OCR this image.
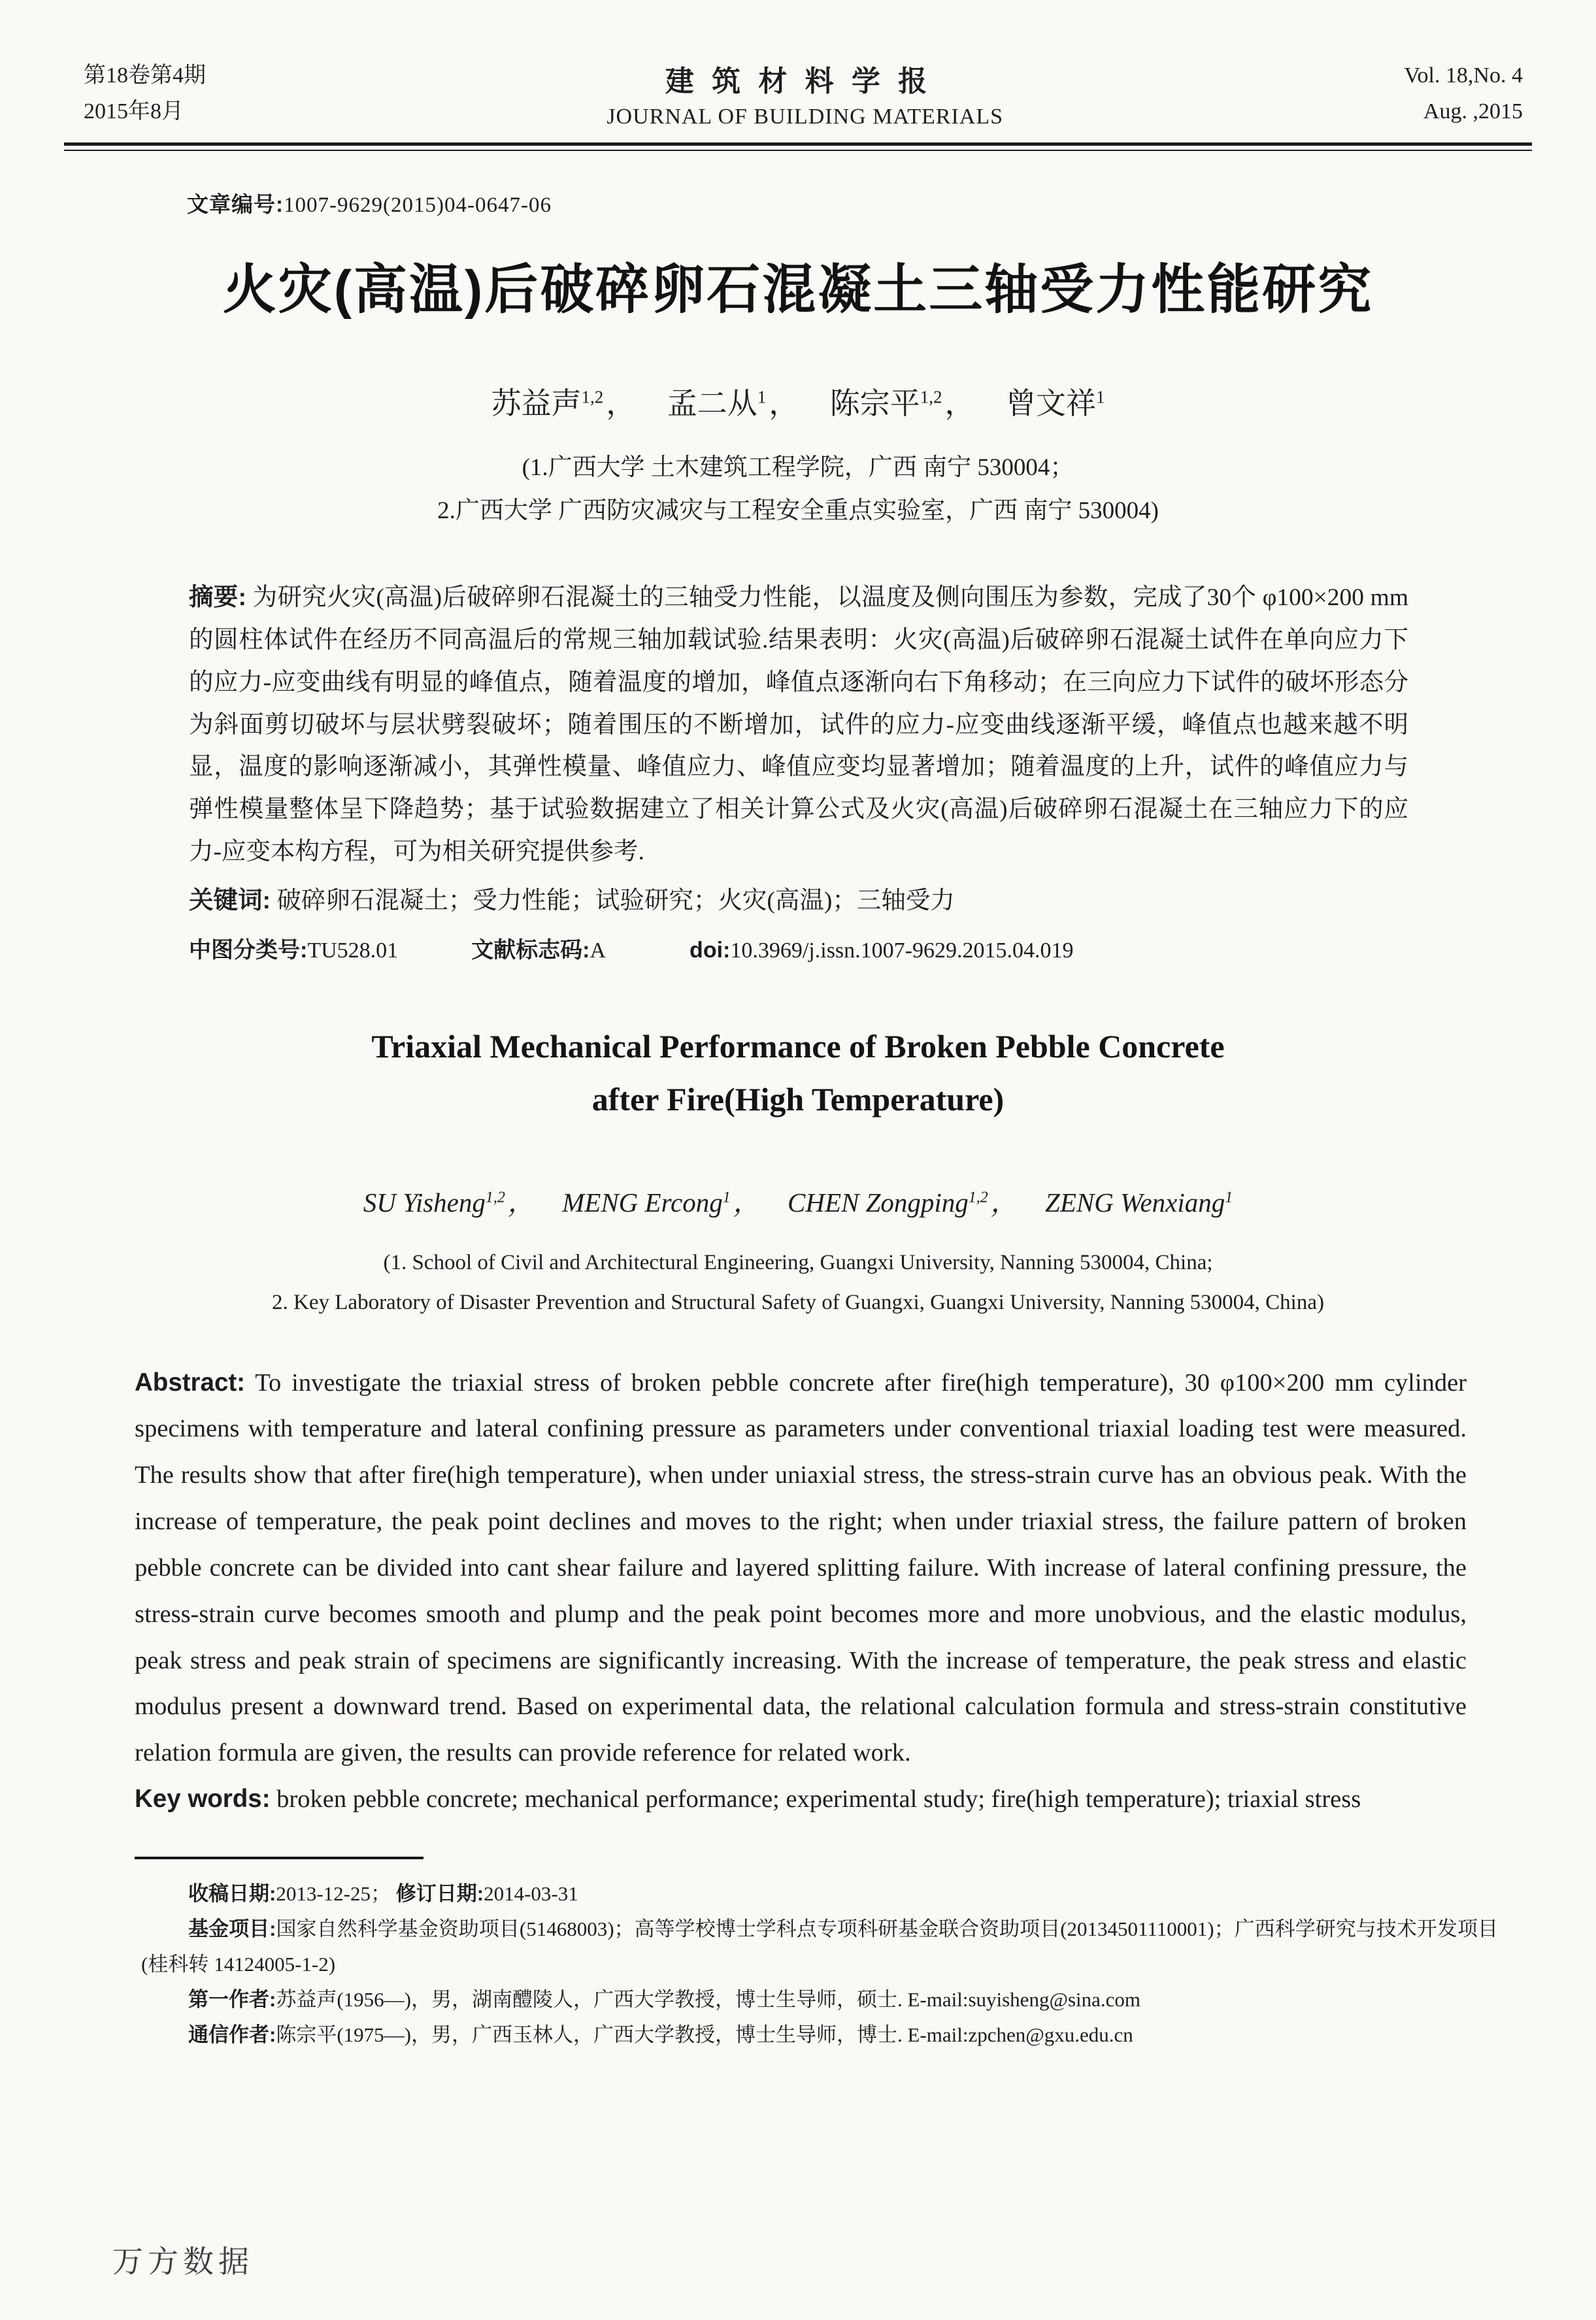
第18卷第4期
2015年8月
建筑材料学报
JOURNAL OF BUILDING MATERIALS
Vol. 18,No. 4
Aug. ,2015
文章编号:1007-9629(2015)04-0647-06
火灾(高温)后破碎卵石混凝土三轴受力性能研究
苏益声$^{1,2}$， 孟二从$^1$， 陈宗平$^{1,2}$， 曾文祥$^1$
(1.广西大学 土木建筑工程学院，广西 南宁 530004；
2.广西大学 广西防灾减灾与工程安全重点实验室，广西 南宁 530004)

摘要: 为研究火灾(高温)后破碎卵石混凝土的三轴受力性能，以温度及侧向围压为参数，完成了30个 φ100×200 mm 的圆柱体试件在经历不同高温后的常规三轴加载试验.结果表明：火灾(高温)后破碎卵石混凝土试件在单向应力下的应力-应变曲线有明显的峰值点，随着温度的增加，峰值点逐渐向右下角移动；在三向应力下试件的破坏形态分为斜面剪切破坏与层状劈裂破坏；随着围压的不断增加，试件的应力-应变曲线逐渐平缓，峰值点也越来越不明显，温度的影响逐渐减小，其弹性模量、峰值应力、峰值应变均显著增加；随着温度的上升，试件的峰值应力与弹性模量整体呈下降趋势；基于试验数据建立了相关计算公式及火灾(高温)后破碎卵石混凝土在三轴应力下的应力-应变本构方程，可为相关研究提供参考.

关键词: 破碎卵石混凝土；受力性能；试验研究；火灾(高温)；三轴受力

中图分类号:TU528.01	文献标志码:A	doi:10.3969/j.issn.1007-9629.2015.04.019
Triaxial Mechanical Performance of Broken Pebble Concrete
after Fire(High Temperature)
SU Yisheng$^{1,2}$， MENG Ercong$^1$， CHEN Zongping$^{1,2}$， ZENG Wenxiang$^1$
(1. School of Civil and Architectural Engineering, Guangxi University, Nanning 530004, China;
2. Key Laboratory of Disaster Prevention and Structural Safety of Guangxi, Guangxi University, Nanning 530004, China)

Abstract: To investigate the triaxial stress of broken pebble concrete after fire(high temperature), 30 φ100×200 mm cylinder specimens with temperature and lateral confining pressure as parameters under conventional triaxial loading test were measured. The results show that after fire(high temperature), when under uniaxial stress, the stress-strain curve has an obvious peak. With the increase of temperature, the peak point declines and moves to the right; when under triaxial stress, the failure pattern of broken pebble concrete can be divided into cant shear failure and layered splitting failure. With increase of lateral confining pressure, the stress-strain curve becomes smooth and plump and the peak point becomes more and more unobvious, and the elastic modulus, peak stress and peak strain of specimens are significantly increasing. With the increase of temperature, the peak stress and elastic modulus present a downward trend. Based on experimental data, the relational calculation formula and stress-strain constitutive relation formula are given, the results can provide reference for related work.

Key words: broken pebble concrete; mechanical performance; experimental study; fire(high temperature); triaxial stress

收稿日期:2013-12-25； 修订日期:2014-03-31

基金项目:国家自然科学基金资助项目(51468003)；高等学校博士学科点专项科研基金联合资助项目(20134501110001)；广西科学研究与技术开发项目(桂科转 14124005-1-2)

第一作者:苏益声(1956—)，男，湖南醴陵人，广西大学教授，博士生导师，硕士. E-mail:suyisheng@sina.com

通信作者:陈宗平(1975—)，男，广西玉林人，广西大学教授，博士生导师，博士. E-mail:zpchen@gxu.edu.cn

万方数据
